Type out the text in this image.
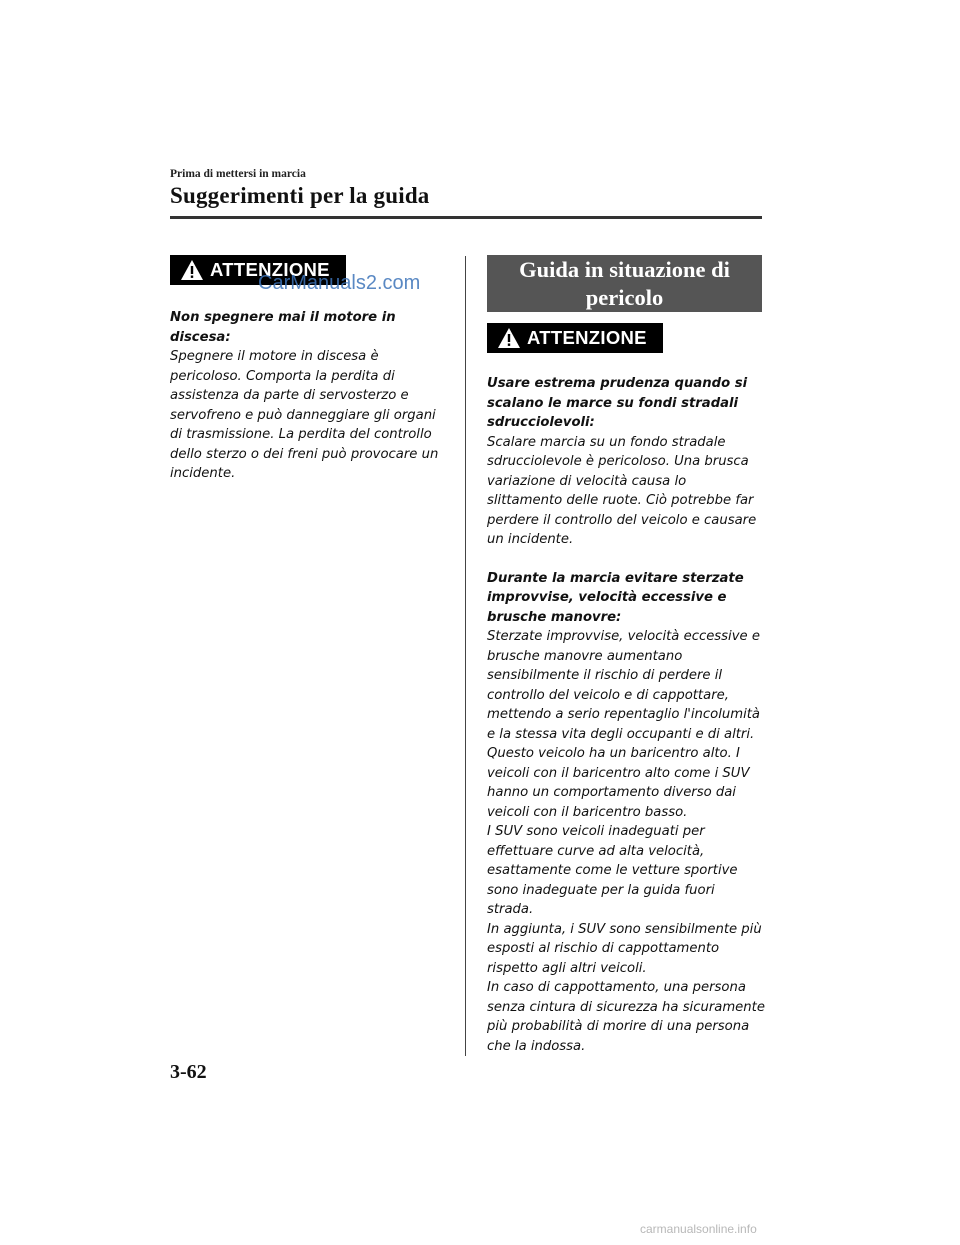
Prima di mettersi in marcia
Suggerimenti per la guida
ATTENZIONE
CarManuals2.com
Non spegnere mai il motore in discesa:
Spegnere il motore in discesa è pericoloso. Comporta la perdita di assistenza da parte di servosterzo e servofreno e può danneggiare gli organi di trasmissione. La perdita del controllo dello sterzo o dei freni può provocare un incidente.
Guida in situazione di pericolo
ATTENZIONE
Usare estrema prudenza quando si scalano le marce su fondi stradali sdrucciolevoli:
Scalare marcia su un fondo stradale sdrucciolevole è pericoloso. Una brusca variazione di velocità causa lo slittamento delle ruote. Ciò potrebbe far perdere il controllo del veicolo e causare un incidente.
Durante la marcia evitare sterzate improvvise, velocità eccessive e brusche manovre:
Sterzate improvvise, velocità eccessive e brusche manovre aumentano sensibilmente il rischio di perdere il controllo del veicolo e di cappottare, mettendo a serio repentaglio l'incolumità e la stessa vita degli occupanti e di altri.
Questo veicolo ha un baricentro alto. I veicoli con il baricentro alto come i SUV hanno un comportamento diverso dai veicoli con il baricentro basso.
I SUV sono veicoli inadeguati per effettuare curve ad alta velocità, esattamente come le vetture sportive sono inadeguate per la guida fuori strada.
In aggiunta, i SUV sono sensibilmente più esposti al rischio di cappottamento rispetto agli altri veicoli.
In caso di cappottamento, una persona senza cintura di sicurezza ha sicuramente più probabilità di morire di una persona che la indossa.
3-62
carmanualsonline.info
